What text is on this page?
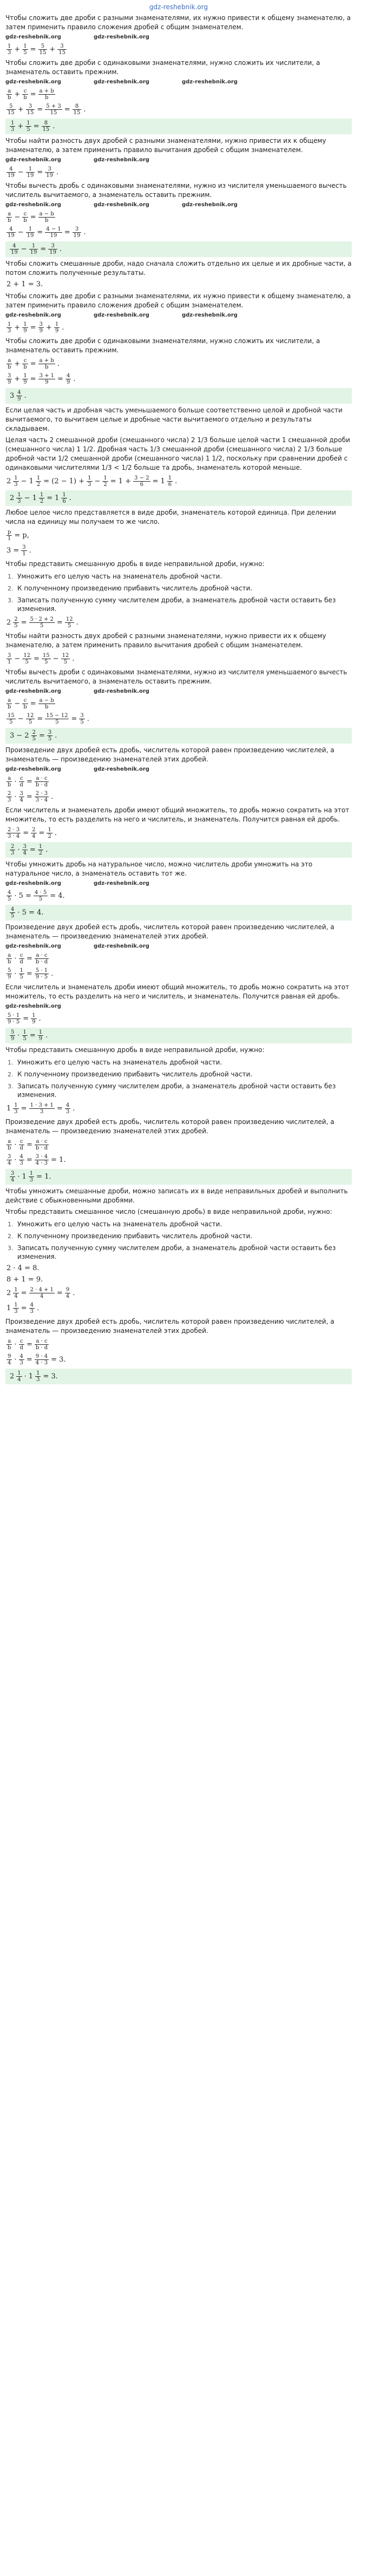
gdz-reshebnik.org

Чтобы сложить две дроби с разными знаменателями, их нужно привести к общему знаменателю, а затем применить правило сложения дробей с общим знаменателем.

gdz-reshebnik.org	gdz-reshebnik.org
$\frac{1}{3} + \frac{1}{5} = \frac{5}{15} + \frac{3}{15}$

Чтобы сложить две дроби с одинаковыми знаменателями, нужно сложить их числители, а знаменатель оставить прежним.

gdz-reshebnik.org	gdz-reshebnik.org	gdz-reshebnik.org
$\frac{a}{b} + \frac{c}{b} = \frac{a + b}{b}$
$\frac{5}{15} + \frac{3}{15} = \frac{5 + 3}{15} = \frac{8}{15}$ .
$\frac{1}{3} + \frac{1}{5} = \frac{8}{15}$ .

Чтобы найти разность двух дробей с разными знаменателями, нужно привести их к общему знаменателю, а затем применить правило вычитания дробей с общим знаменателем.

gdz-reshebnik.org	gdz-reshebnik.org
$\frac{4}{19} - \frac{1}{19} = \frac{3}{19}$ .

Чтобы вычесть дробь с одинаковыми знаменателями, нужно из числителя уменьшаемого вычесть числитель вычитаемого, а знаменатель оставить прежним.

gdz-reshebnik.org	gdz-reshebnik.org	gdz-reshebnik.org
$\frac{a}{b} - \frac{c}{b} = \frac{a - b}{b}$
$\frac{4}{19} - \frac{1}{19} = \frac{4 - 1}{19} = \frac{3}{19}$ .
$\frac{4}{19} - \frac{1}{19} = \frac{3}{19}$ .

Чтобы сложить смешанные дроби, надо сначала сложить отдельно их целые и их дробные части, а потом сложить полученные результаты.

2 + 1 = 3.

Чтобы сложить две дроби с разными знаменателями, их нужно привести к общему знаменателю, а затем применить правило сложения дробей с общим знаменателем.

gdz-reshebnik.org	gdz-reshebnik.org	gdz-reshebnik.org
$\frac{1}{3} + \frac{1}{9} = \frac{3}{9} + \frac{1}{9}$ .

Чтобы сложить две дроби с одинаковыми знаменателями, нужно сложить их числители, а знаменатель оставить прежним.

$\frac{a}{b} + \frac{c}{b} = \frac{a + b}{b}$ .
$\frac{3}{9} + \frac{1}{9} = \frac{3 + 1}{9} = \frac{4}{9}$ .
$3 \frac{4}{9}$ .

Если целая часть и дробная часть уменьшаемого больше соответственно целой и дробной части вычитаемого, то вычитаем целые и дробные части вычитаемого отдельно и результаты складываем.

Целая часть 2 смешанной дроби (смешанного числа) 2 1/3 больше целой части 1 смешанной дроби (смешанного числа) 1 1/2. Дробная часть 1/3 смешанной дроби (смешанного числа) 2 1/3 больше дробной части 1/2 смешанной дроби (смешанного числа) 1 1/2, поскольку при сравнении дробей с одинаковыми числителями 1/3 < 1/2 больше та дробь, знаменатель которой меньше.

$2 \frac{1}{3} - 1 \frac{1}{2} = (2 - 1) + \frac{1}{3} - \frac{1}{2} = 1 + \frac{3 - 2}{6} = 1 \frac{1}{6}$ .
$2 \frac{1}{3} - 1 \frac{1}{2} = 1 \frac{1}{6}$ .

Любое целое число представляется в виде дроби, знаменатель которой единица. При делении числа на единицу мы получаем то же число.

$\frac{p}{1} = p$,
$3 = \frac{3}{1}$ .

Чтобы представить смешанную дробь в виде неправильной дроби, нужно:

1. Умножить его целую часть на знаменатель дробной части.
2. К полученному произведению прибавить числитель дробной части.
3. Записать полученную сумму числителем дроби, а знаменатель дробной части оставить без изменения.
$2 \frac{2}{5} = \frac{5 \cdot 2 + 2}{5} = \frac{12}{5}$ .

Чтобы найти разность двух дробей с разными знаменателями, нужно привести их к общему знаменателю, а затем применить правило вычитания дробей с общим знаменателем.

$\frac{3}{1} - \frac{12}{5} = \frac{15}{5} - \frac{12}{5}$ .

Чтобы вычесть дроби с одинаковыми знаменателями, нужно из числителя уменьшаемого вычесть числитель вычитаемого, а знаменатель оставить прежним.

gdz-reshebnik.org	gdz-reshebnik.org
$\frac{a}{b} - \frac{c}{b} = \frac{a - b}{b}$
$\frac{15}{5} - \frac{12}{5} = \frac{15 - 12}{5} = \frac{3}{5}$ .
$3 - 2 \frac{2}{5} = \frac{3}{5}$ .

Произведение двух дробей есть дробь, числитель которой равен произведению числителей, а знаменатель — произведению знаменателей этих дробей.

gdz-reshebnik.org	gdz-reshebnik.org
$\frac{a}{b} \cdot \frac{c}{d} = \frac{a \cdot c}{b \cdot d}$
$\frac{2}{3} \cdot \frac{3}{4} = \frac{2 \cdot 3}{3 \cdot 4}$ .

Если числитель и знаменатель дроби имеют общий множитель, то дробь можно сократить на этот множитель, то есть разделить на него и числитель, и знаменатель. Получится равная ей дробь.

$\frac{2 \cdot 3}{3 \cdot 4} = \frac{2}{4} = \frac{1}{2}$ .
$\frac{2}{3} \cdot \frac{3}{4} = \frac{1}{2}$ .

Чтобы умножить дробь на натуральное число, можно числитель дроби умножить на это натуральное число, а знаменатель оставить тот же.

gdz-reshebnik.org	gdz-reshebnik.org
$\frac{4}{5} \cdot 5 = \frac{4 \cdot 5}{5} = 4$.
$\frac{4}{5} \cdot 5 = 4$.

Произведение двух дробей есть дробь, числитель которой равен произведению числителей, а знаменатель — произведению знаменателей этих дробей.

gdz-reshebnik.org	gdz-reshebnik.org
$\frac{a}{b} \cdot \frac{c}{d} = \frac{a \cdot c}{b \cdot d}$
$\frac{5}{9} \cdot \frac{1}{5} = \frac{5 \cdot 1}{9 \cdot 5}$ .

Если числитель и знаменатель дроби имеют общий множитель, то дробь можно сократить на этот множитель, то есть разделить на него и числитель, и знаменатель. Получится равная ей дробь.

gdz-reshebnik.org
$\frac{5 \cdot 1}{9 \cdot 5} = \frac{1}{9}$ .
$\frac{5}{9} \cdot \frac{1}{5} = \frac{1}{9}$ .

Чтобы представить смешанную дробь в виде неправильной дроби, нужно:

1. Умножить его целую часть на знаменатель дробной части.
2. К полученному произведению прибавить числитель дробной части.
3. Записать полученную сумму числителем дроби, а знаменатель дробной части оставить без изменения.
$1 \frac{1}{3} = \frac{1 \cdot 3 + 1}{3} = \frac{4}{3}$ .

Произведение двух дробей есть дробь, числитель которой равен произведению числителей, а знаменатель — произведению знаменателей этих дробей.

$\frac{a}{b} \cdot \frac{c}{d} = \frac{a \cdot c}{b \cdot d}$
$\frac{3}{4} \cdot \frac{4}{3} = \frac{3 \cdot 4}{4 \cdot 3} = 1$.
$\frac{3}{4} \cdot 1 \frac{1}{3} = 1$.

Чтобы умножить смешанные дроби, можно записать их в виде неправильных дробей и выполнить действие с обыкновенными дробями.

Чтобы представить смешанное число (смешанную дробь) в виде неправильной дроби, нужно:

1. Умножить его целую часть на знаменатель дробной части.
2. К полученному произведению прибавить числитель дробной части.
3. Записать полученную сумму числителем дроби, а знаменатель дробной части оставить без изменения.
2 · 4 = 8.
8 + 1 = 9.
$2 \frac{1}{4} = \frac{2 \cdot 4 + 1}{4} = \frac{9}{4}$ .
$1 \frac{1}{3} = \frac{4}{3}$ .

Произведение двух дробей есть дробь, числитель которой равен произведению числителей, а знаменатель — произведению знаменателей этих дробей.

$\frac{a}{b} \cdot \frac{c}{d} = \frac{a \cdot c}{b \cdot d}$
$\frac{9}{4} \cdot \frac{4}{3} = \frac{9 \cdot 4}{4 \cdot 3} = 3$.
$2 \frac{1}{4} \cdot 1 \frac{1}{3} = 3$.
